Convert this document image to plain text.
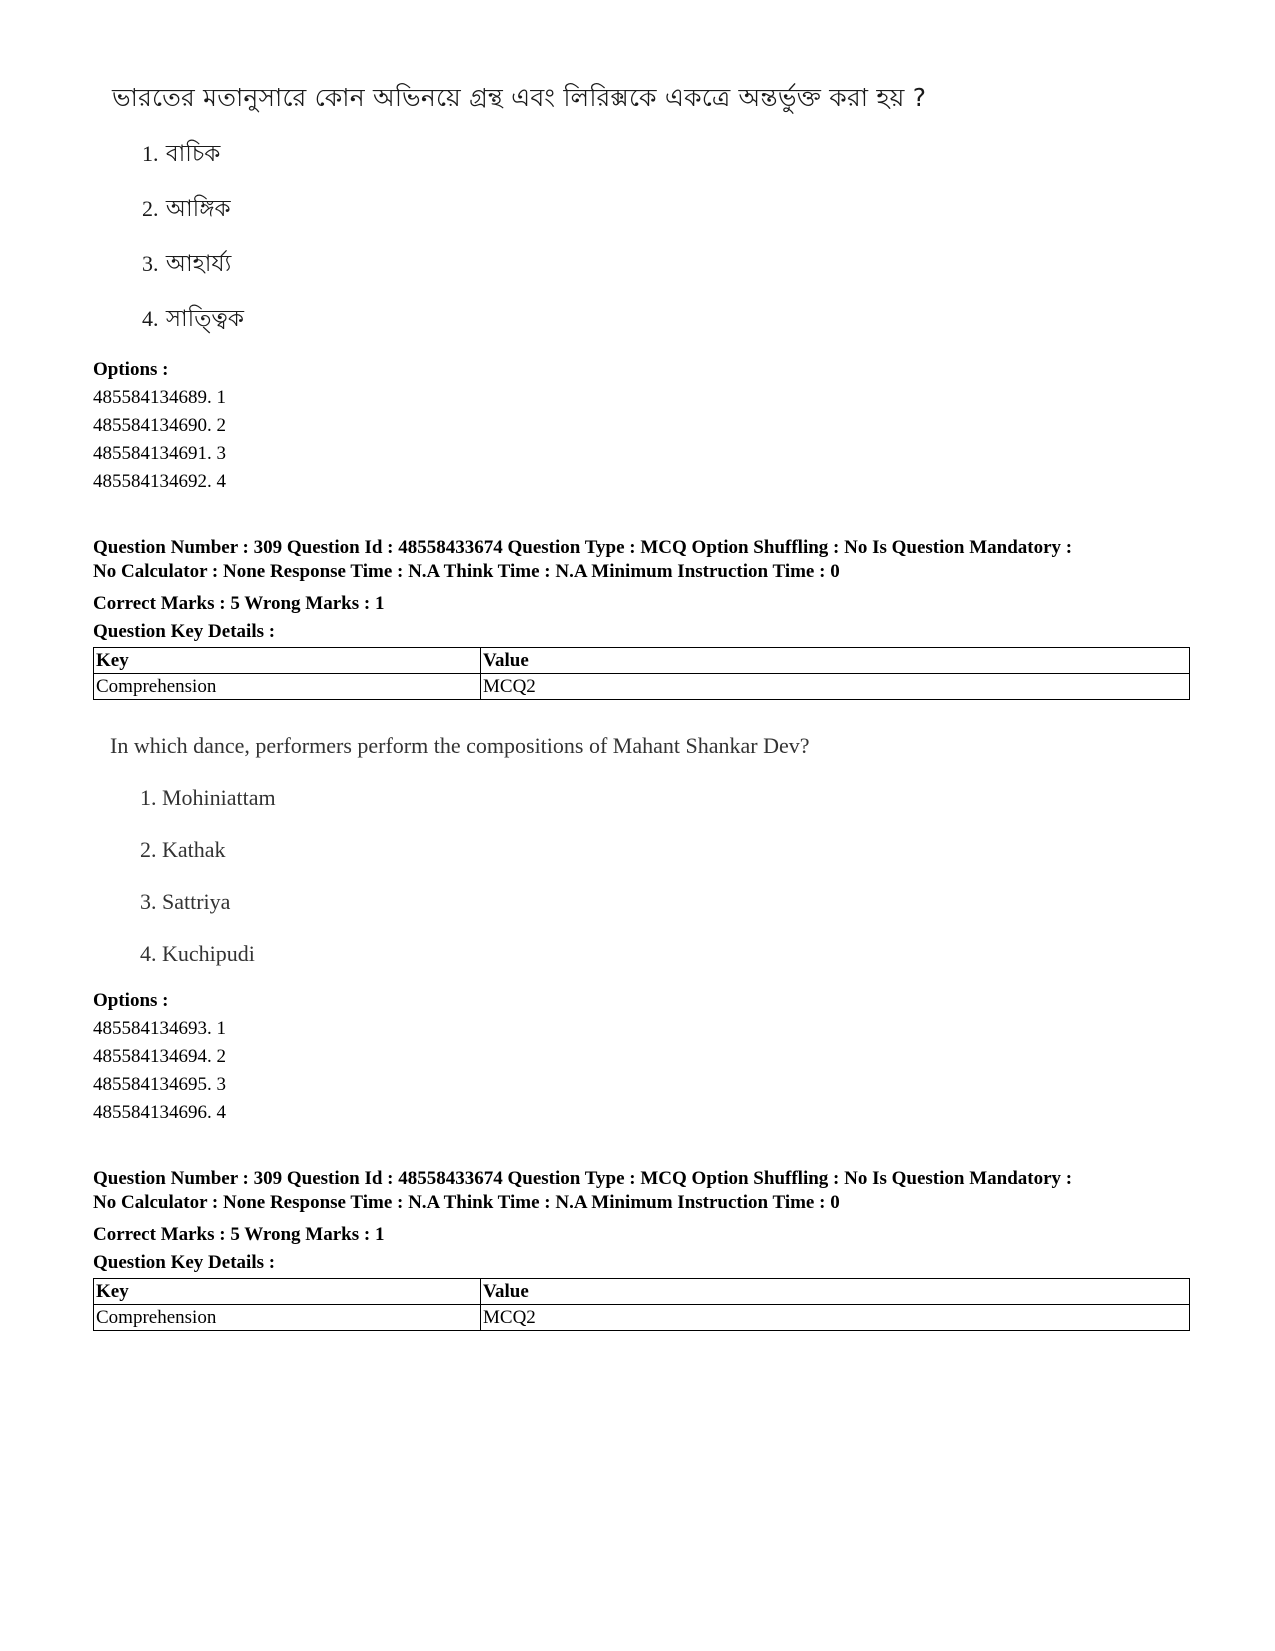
ভারতের মতানুসারে কোন অভিনয়ে গ্রন্থ এবং লিরিক্সকে একত্রে অন্তর্ভুক্ত করা হয় ?
1. বাচিক
2. আঙ্গিক
3. আহার্য্য
4. সাত্ত্বিক
Options :
485584134689. 1
485584134690. 2
485584134691. 3
485584134692. 4
Question Number : 309 Question Id : 48558433674 Question Type : MCQ Option Shuffling : No Is Question Mandatory :
No Calculator : None Response Time : N.A Think Time : N.A Minimum Instruction Time : 0
Correct Marks : 5 Wrong Marks : 1
Question Key Details :
Key	Value
Comprehension	MCQ2
In which dance, performers perform the compositions of Mahant Shankar Dev?
1. Mohiniattam
2. Kathak
3. Sattriya
4. Kuchipudi
Options :
485584134693. 1
485584134694. 2
485584134695. 3
485584134696. 4
Question Number : 309 Question Id : 48558433674 Question Type : MCQ Option Shuffling : No Is Question Mandatory :
No Calculator : None Response Time : N.A Think Time : N.A Minimum Instruction Time : 0
Correct Marks : 5 Wrong Marks : 1
Question Key Details :
Key	Value
Comprehension	MCQ2
